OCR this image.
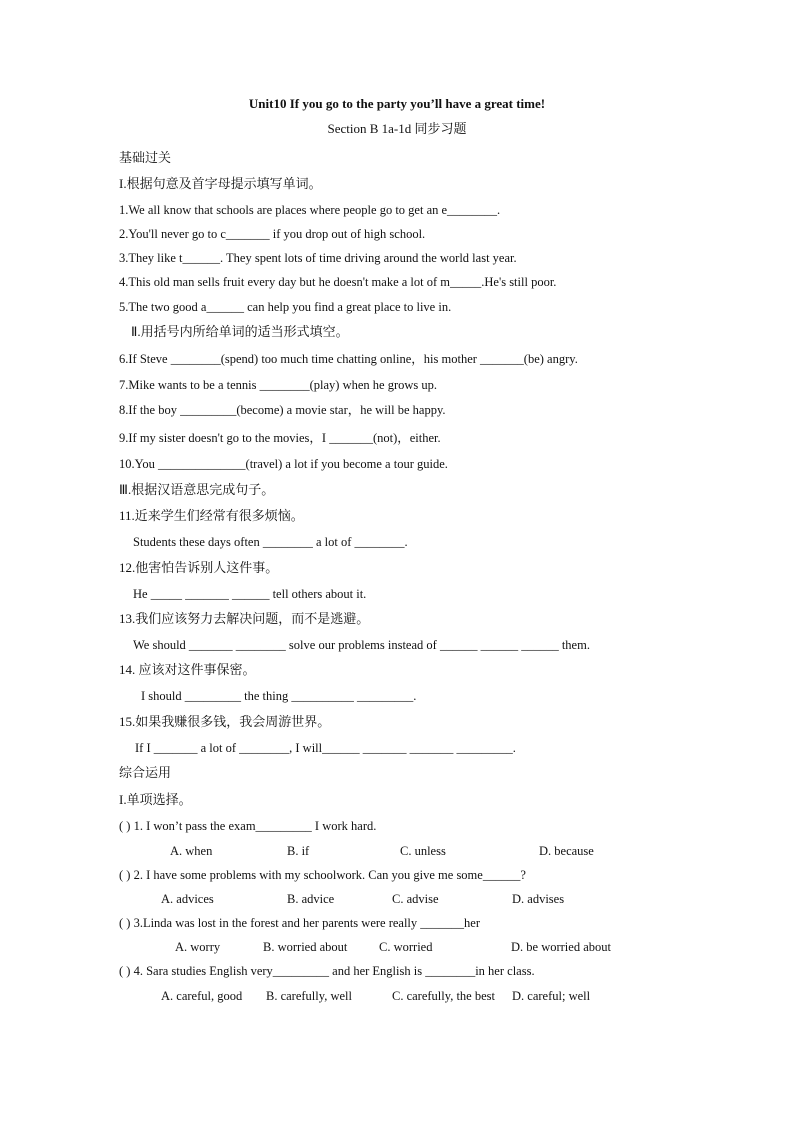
Unit10 If you go to the party you’ll have a great time!
Section B 1a-1d 同步习题
基础过关
I.根据句意及首字母提示填写单词。
1.We all know that schools are places where people go to get an e________.
2.You'll never go to c_______ if you drop out of high school.
3.They like t______. They spent lots of time driving around the world last year.
4.This old man sells fruit every day but he doesn't make a lot of m_____.He's still poor.
5.The two good a______ can help you find a great place to live in.
Ⅱ.用括号内所给单词的适当形式填空。
6.If Steve ________(spend) too much time chatting online，his mother _______(be) angry.
7.Mike wants to be a tennis ________(play) when he grows up.
8.If the boy _________(become) a movie star，he will be happy.
9.If my sister doesn't go to the movies，I _______(not)，either.
10.You ______________(travel) a lot if you become a tour guide.
Ⅲ.根据汉语意思完成句子。
11.近来学生们经常有很多烦恼。
Students these days often ________ a lot of ________.
12.他害怕告诉别人这件事。
He _____ _______ ______ tell others about it.
13.我们应该努力去解决问题，而不是逃避。
We should _______ ________ solve our problems instead of ______ ______ ______ them.
14. 应该对这件事保密。
I should _________ the thing __________ _________.
15.如果我赚很多钱，我会周游世界。
If I _______ a lot of ________, I will______ _______ _______ _________.
综合运用
I.单项选择。
( ) 1. I won’t pass the exam_________ I work hard.
A. when	B. if	C. unless	D. because
( ) 2. I have some problems with my schoolwork. Can you give me some______?
A. advices	B. advice	C. advise	D. advises
( ) 3.Linda was lost in the forest and her parents were really _______her
A. worry	B. worried about	C. worried	D. be worried about
( ) 4. Sara studies English very_________ and her English is ________in her class.
A. careful, good B. carefully, well	C. carefully, the best D. careful; well
